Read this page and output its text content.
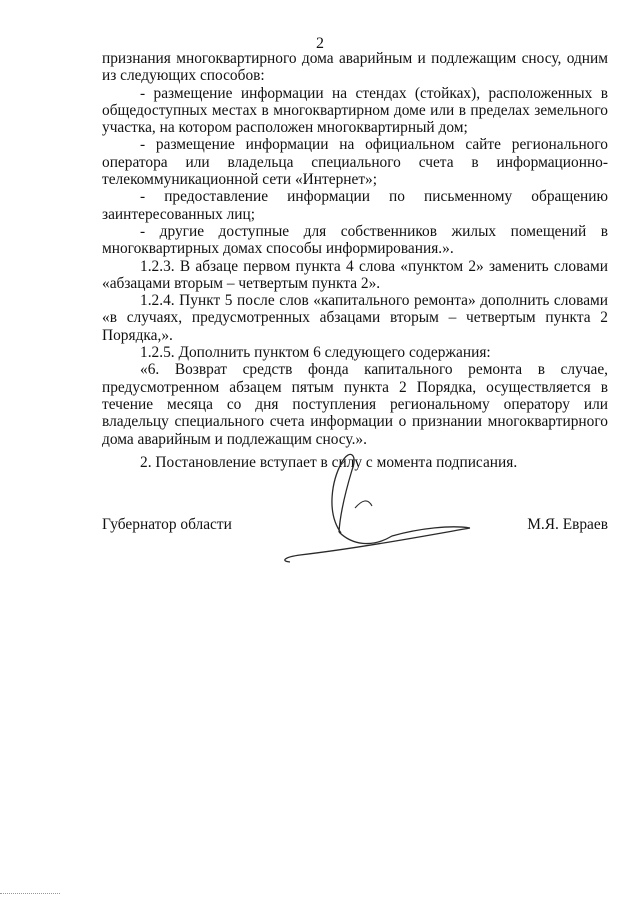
2

признания многоквартирного дома аварийным и подлежащим сносу, одним из следующих способов:

- размещение информации на стендах (стойках), расположенных в общедоступных местах в многоквартирном доме или в пределах земельного участка, на котором расположен многоквартирный дом;

- размещение информации на официальном сайте регионального оператора или владельца специального счета в информационно-телекоммуникационной сети «Интернет»;

- предоставление информации по письменному обращению заинтересованных лиц;

- другие доступные для собственников жилых помещений в многоквартирных домах способы информирования.».

1.2.3. В абзаце первом пункта 4 слова «пунктом 2» заменить словами «абзацами вторым – четвертым пункта 2».

1.2.4. Пункт 5 после слов «капитального ремонта» дополнить словами «в случаях, предусмотренных абзацами вторым – четвертым пункта 2 Порядка,».

1.2.5. Дополнить пунктом 6 следующего содержания:

«6. Возврат средств фонда капитального ремонта в случае, предусмотренном абзацем пятым пункта 2 Порядка, осуществляется в течение месяца со дня поступления региональному оператору или владельцу специального счета информации о признании многоквартирного дома аварийным и подлежащим сносу.».

2. Постановление вступает в силу с момента подписания.

Губернатор области	М.Я. Евраев
